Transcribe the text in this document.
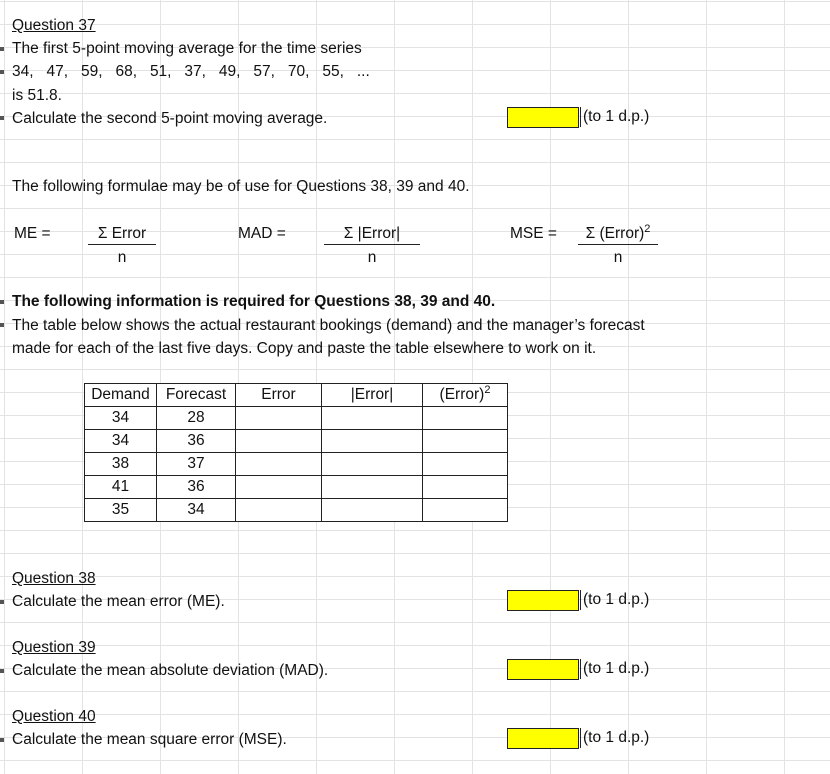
Question 37
The first 5-point moving average for the time series
34, 47, 59, 68, 51, 37, 49, 57, 70, 55, ...
is 51.8.
Calculate the second 5-point moving average.	(to 1 d.p.)
The following formulae may be of use for Questions 38, 39 and 40.
ME =	Σ Error
n
MAD =	Σ |Error|
n
MSE =	Σ (Error)$^2$
n
The following information is required for Questions 38, 39 and 40.
The table below shows the actual restaurant bookings (demand) and the manager’s forecast
made for each of the last five days. Copy and paste the table elsewhere to work on it.
Demand	Forecast	Error	|Error|	(Error)$^2$
34	28			
34	36			
38	37			
41	36			
35	34			
Question 38
Calculate the mean error (ME).	(to 1 d.p.)
Question 39
Calculate the mean absolute deviation (MAD).	(to 1 d.p.)
Question 40
Calculate the mean square error (MSE).	(to 1 d.p.)
